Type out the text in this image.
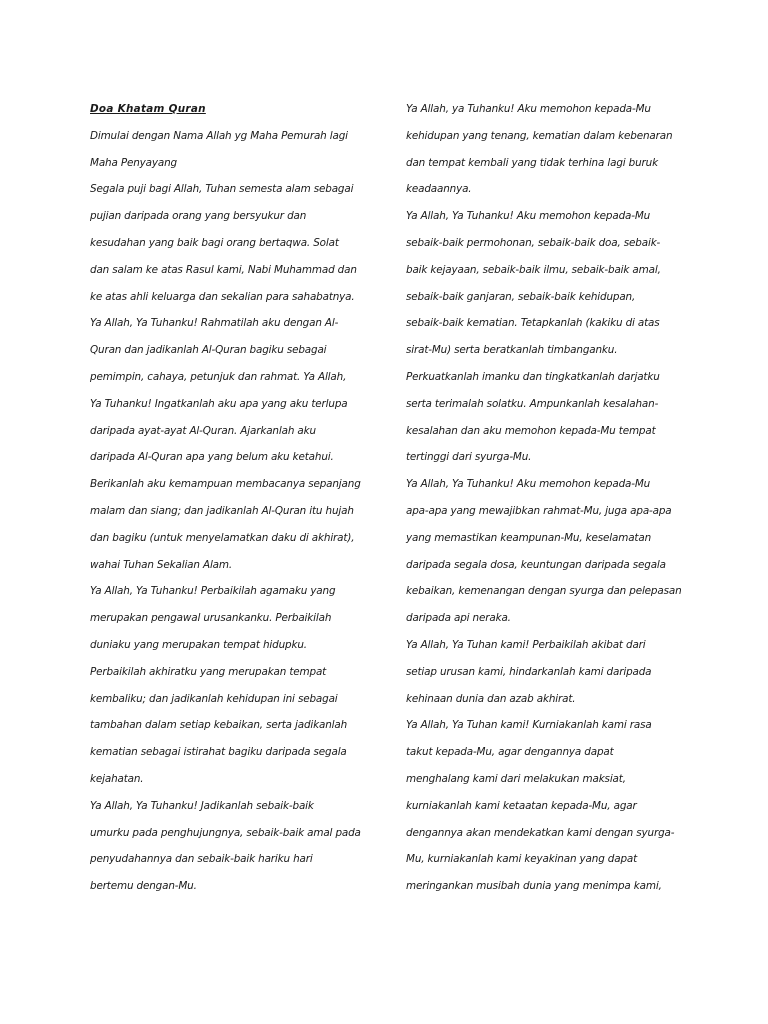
Doa Khatam Quran
Dimulai dengan Nama Allah yg Maha Pemurah lagi
Maha Penyayang
Segala puji bagi Allah, Tuhan semesta alam sebagai
pujian daripada orang yang bersyukur dan
kesudahan yang baik bagi orang bertaqwa. Solat
dan salam ke atas Rasul kami, Nabi Muhammad dan
ke atas ahli keluarga dan sekalian para sahabatnya.
Ya Allah, Ya Tuhanku! Rahmatilah aku dengan Al-
Quran dan jadikanlah Al-Quran bagiku sebagai
pemimpin, cahaya, petunjuk dan rahmat. Ya Allah,
Ya Tuhanku! Ingatkanlah aku apa yang aku terlupa
daripada ayat-ayat Al-Quran. Ajarkanlah aku
daripada Al-Quran apa yang belum aku ketahui.
Berikanlah aku kemampuan membacanya sepanjang
malam dan siang; dan jadikanlah Al-Quran itu hujah
dan bagiku (untuk menyelamatkan daku di akhirat),
wahai Tuhan Sekalian Alam.
Ya Allah, Ya Tuhanku! Perbaikilah agamaku yang
merupakan pengawal urusankanku. Perbaikilah
duniaku yang merupakan tempat hidupku.
Perbaikilah akhiratku yang merupakan tempat
kembaliku; dan jadikanlah kehidupan ini sebagai
tambahan dalam setiap kebaikan, serta jadikanlah
kematian sebagai istirahat bagiku daripada segala
kejahatan.
Ya Allah, Ya Tuhanku! Jadikanlah sebaik-baik
umurku pada penghujungnya, sebaik-baik amal pada
penyudahannya dan sebaik-baik hariku hari
bertemu dengan-Mu.
Ya Allah, ya Tuhanku! Aku memohon kepada-Mu
kehidupan yang tenang, kematian dalam kebenaran
dan tempat kembali yang tidak terhina lagi buruk
keadaannya.
Ya Allah, Ya Tuhanku! Aku memohon kepada-Mu
sebaik-baik permohonan, sebaik-baik doa, sebaik-
baik kejayaan, sebaik-baik ilmu, sebaik-baik amal,
sebaik-baik ganjaran, sebaik-baik kehidupan,
sebaik-baik kematian. Tetapkanlah (kakiku di atas
sirat-Mu) serta beratkanlah timbanganku.
Perkuatkanlah imanku dan tingkatkanlah darjatku
serta terimalah solatku. Ampunkanlah kesalahan-
kesalahan dan aku memohon kepada-Mu tempat
tertinggi dari syurga-Mu.
Ya Allah, Ya Tuhanku! Aku memohon kepada-Mu
apa-apa yang mewajibkan rahmat-Mu, juga apa-apa
yang memastikan keampunan-Mu, keselamatan
daripada segala dosa, keuntungan daripada segala
kebaikan, kemenangan dengan syurga dan pelepasan
daripada api neraka.
Ya Allah, Ya Tuhan kami! Perbaikilah akibat dari
setiap urusan kami, hindarkanlah kami daripada
kehinaan dunia dan azab akhirat.
Ya Allah, Ya Tuhan kami! Kurniakanlah kami rasa
takut kepada-Mu, agar dengannya dapat
menghalang kami dari melakukan maksiat,
kurniakanlah kami ketaatan kepada-Mu, agar
dengannya akan mendekatkan kami dengan syurga-
Mu, kurniakanlah kami keyakinan yang dapat
meringankan musibah dunia yang menimpa kami,
